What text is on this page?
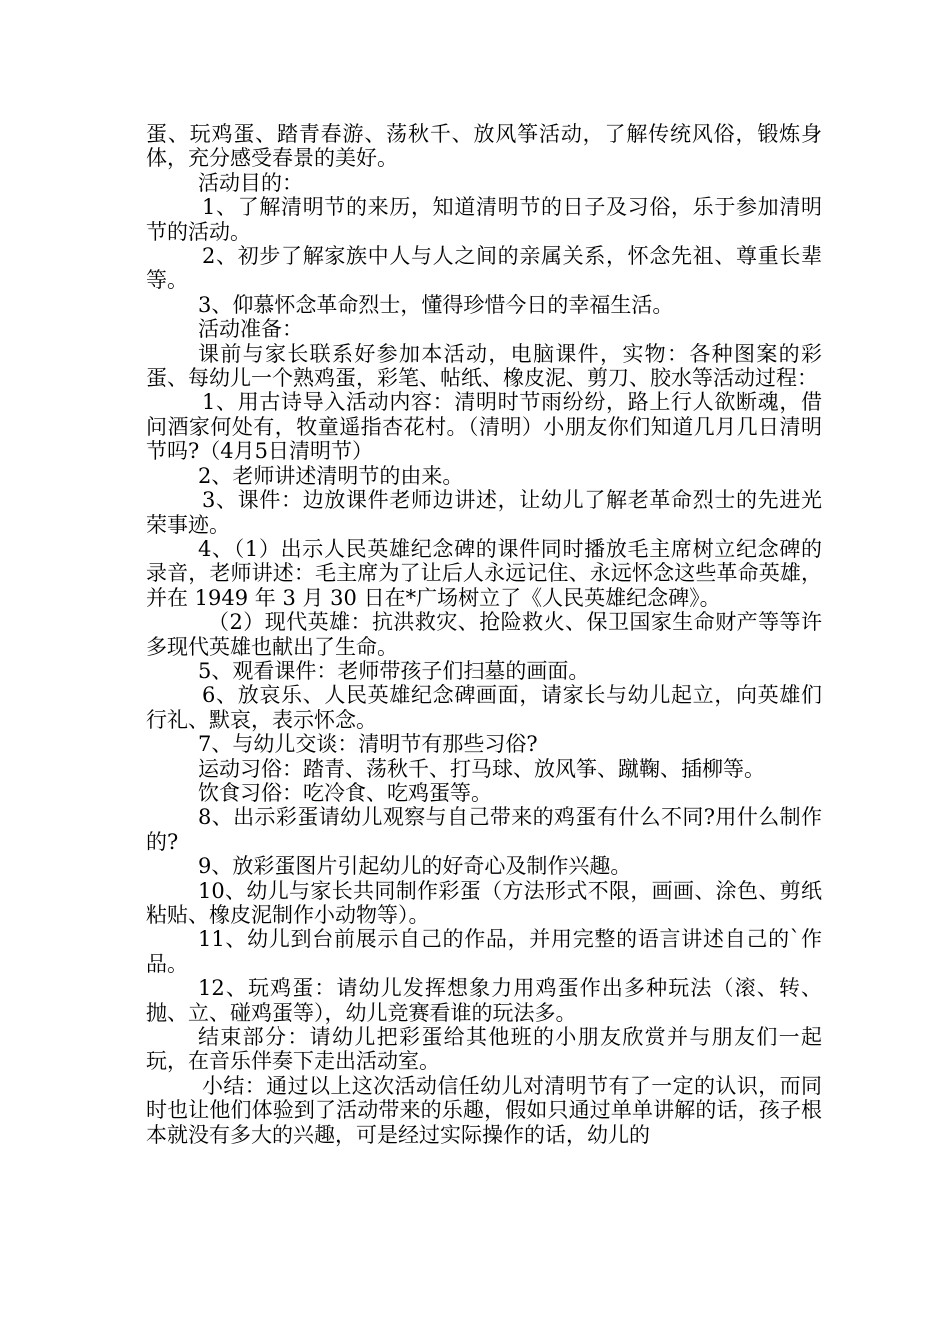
蛋、玩鸡蛋、踏青春游、荡秋千、放风筝活动，了解传统风俗，锻炼身体，充分感受春景的美好。

活动目的：

1、了解清明节的来历，知道清明节的日子及习俗，乐于参加清明节的活动。

2、初步了解家族中人与人之间的亲属关系，怀念先祖、尊重长辈等。

3、仰慕怀念革命烈士，懂得珍惜今日的幸福生活。

活动准备：

课前与家长联系好参加本活动，电脑课件，实物：各种图案的彩蛋、每幼儿一个熟鸡蛋，彩笔、帖纸、橡皮泥、剪刀、胶水等活动过程：

1、用古诗导入活动内容：清明时节雨纷纷，路上行人欲断魂，借问酒家何处有，牧童遥指杏花村。（清明）小朋友你们知道几月几日清明节吗?（4月5日清明节）

2、老师讲述清明节的由来。

3、课件：边放课件老师边讲述，让幼儿了解老革命烈士的先进光荣事迹。

4、（1）出示人民英雄纪念碑的课件同时播放毛主席树立纪念碑的录音，老师讲述：毛主席为了让后人永远记住、永远怀念这些革命英雄，并在 1949 年 3 月 30 日在*广场树立了《人民英雄纪念碑》。

（2）现代英雄：抗洪救灾、抢险救火、保卫国家生命财产等等许多现代英雄也献出了生命。

5、观看课件：老师带孩子们扫墓的画面。

6、放哀乐、人民英雄纪念碑画面，请家长与幼儿起立，向英雄们行礼、默哀，表示怀念。

7、与幼儿交谈：清明节有那些习俗?

运动习俗：踏青、荡秋千、打马球、放风筝、蹴鞠、插柳等。

饮食习俗：吃冷食、吃鸡蛋等。

8、出示彩蛋请幼儿观察与自己带来的鸡蛋有什么不同?用什么制作的?

9、放彩蛋图片引起幼儿的好奇心及制作兴趣。

10、幼儿与家长共同制作彩蛋（方法形式不限，画画、涂色、剪纸粘贴、橡皮泥制作小动物等）。

11、幼儿到台前展示自己的作品，并用完整的语言讲述自己的`作品。

12、玩鸡蛋：请幼儿发挥想象力用鸡蛋作出多种玩法（滚、转、抛、立、碰鸡蛋等），幼儿竞赛看谁的玩法多。

结束部分：请幼儿把彩蛋给其他班的小朋友欣赏并与朋友们一起玩，在音乐伴奏下走出活动室。

小结：通过以上这次活动信任幼儿对清明节有了一定的认识，而同时也让他们体验到了活动带来的乐趣，假如只通过单单讲解的话，孩子根本就没有多大的兴趣，可是经过实际操作的话，幼儿的
